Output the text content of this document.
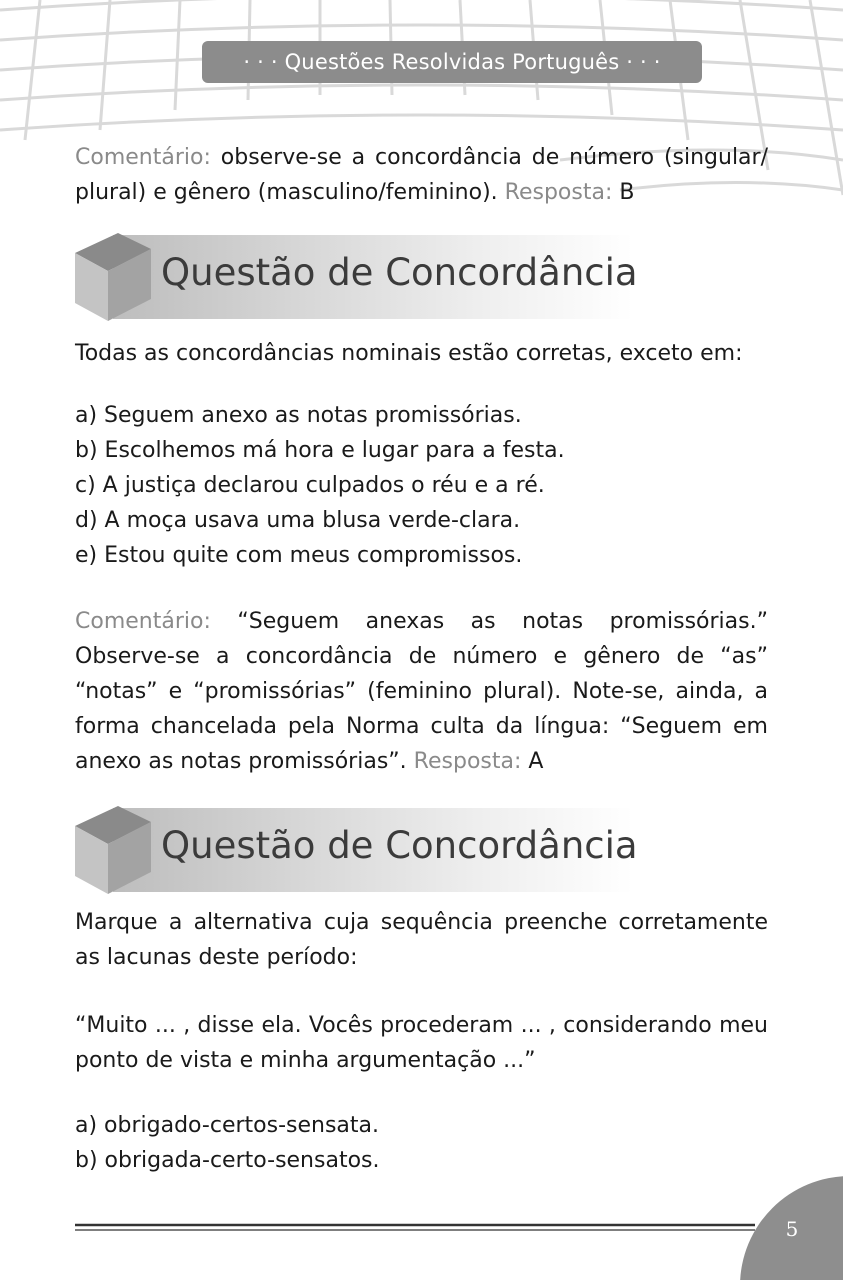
· · · Questões Resolvidas Português · · ·

Comentário: observe-se a concordância de número (singular/ plural) e gênero (masculino/feminino). Resposta: B

Questão de Concordância

Todas as concordâncias nominais estão corretas, exceto em:

a) Seguem anexo as notas promissórias.
b) Escolhemos má hora e lugar para a festa.
c) A justiça declarou culpados o réu e a ré.
d) A moça usava uma blusa verde-clara.
e) Estou quite com meus compromissos.

Comentário: “Seguem anexas as notas promissórias.” Observe-se a concordância de número e gênero de “as” “notas” e “promissórias” (feminino plural). Note-se, ainda, a forma chancelada pela Norma culta da língua: “Seguem em anexo as notas promissórias”. Resposta: A

Questão de Concordância

Marque a alternativa cuja sequência preenche corretamente as lacunas deste período:

“Muito ... , disse ela. Vocês procederam ... , considerando meu ponto de vista e minha argumentação ...”

a) obrigado-certos-sensata.
b) obrigada-certo-sensatos.
5
